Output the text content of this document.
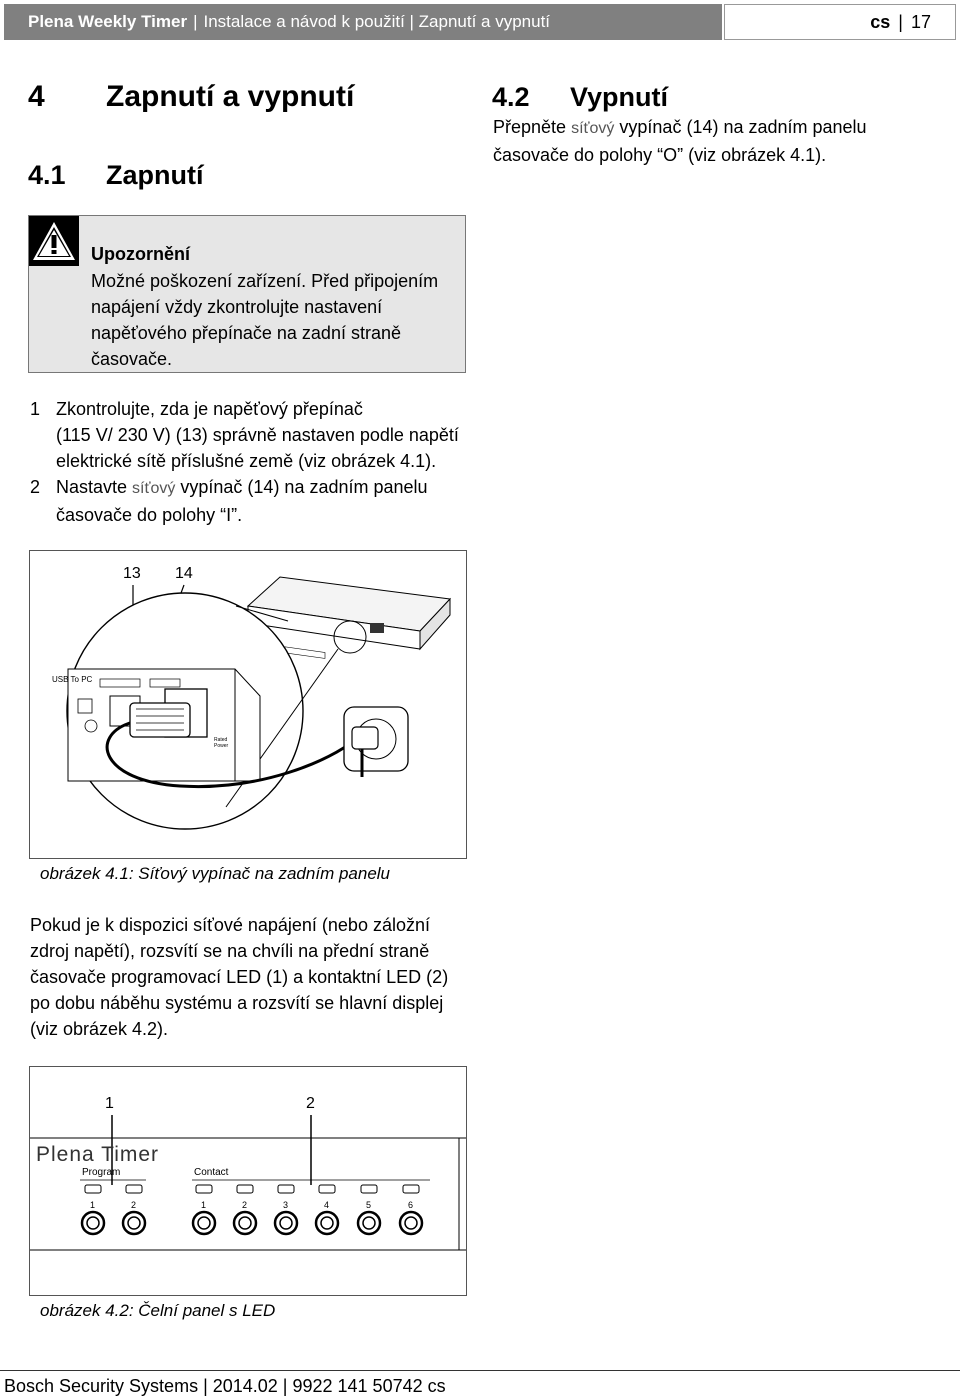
Plena Weekly Timer | Instalace a návod k použití | Zapnutí a vypnutí	cs | 17
4 Zapnutí a vypnutí
4.1 Zapnutí
4.2 Vypnutí
Přepněte síťový vypínač (14) na zadním panelu
časovače do polohy “O” (viz obrázek 4.1).
Upozornění
Možné poškození zařízení. Před připojením
napájení vždy zkontrolujte nastavení
napěťového přepínače na zadní straně
časovače.
1 Zkontrolujte, zda je napěťový přepínač
(115 V/ 230 V) (13) správně nastaven podle napětí
elektrické sítě příslušné země (viz obrázek 4.1).
2 Nastavte síťový vypínač (14) na zadním panelu
časovače do polohy “I”.
13 14
Rated
Power
USB To PC
obrázek 4.1: Síťový vypínač na zadním panelu
Pokud je k dispozici síťové napájení (nebo záložní
zdroj napětí), rozsvítí se na chvíli na přední straně
časovače programovací LED (1) a kontaktní LED (2)
po dobu náběhu systému a rozsvítí se hlavní displej
(viz obrázek 4.2).
1	2
Plena Timer
Program	Contact
1	2	1	2	3	4	5	6
obrázek 4.2: Čelní panel s LED
Bosch Security Systems | 2014.02 | 9922 141 50742 cs
